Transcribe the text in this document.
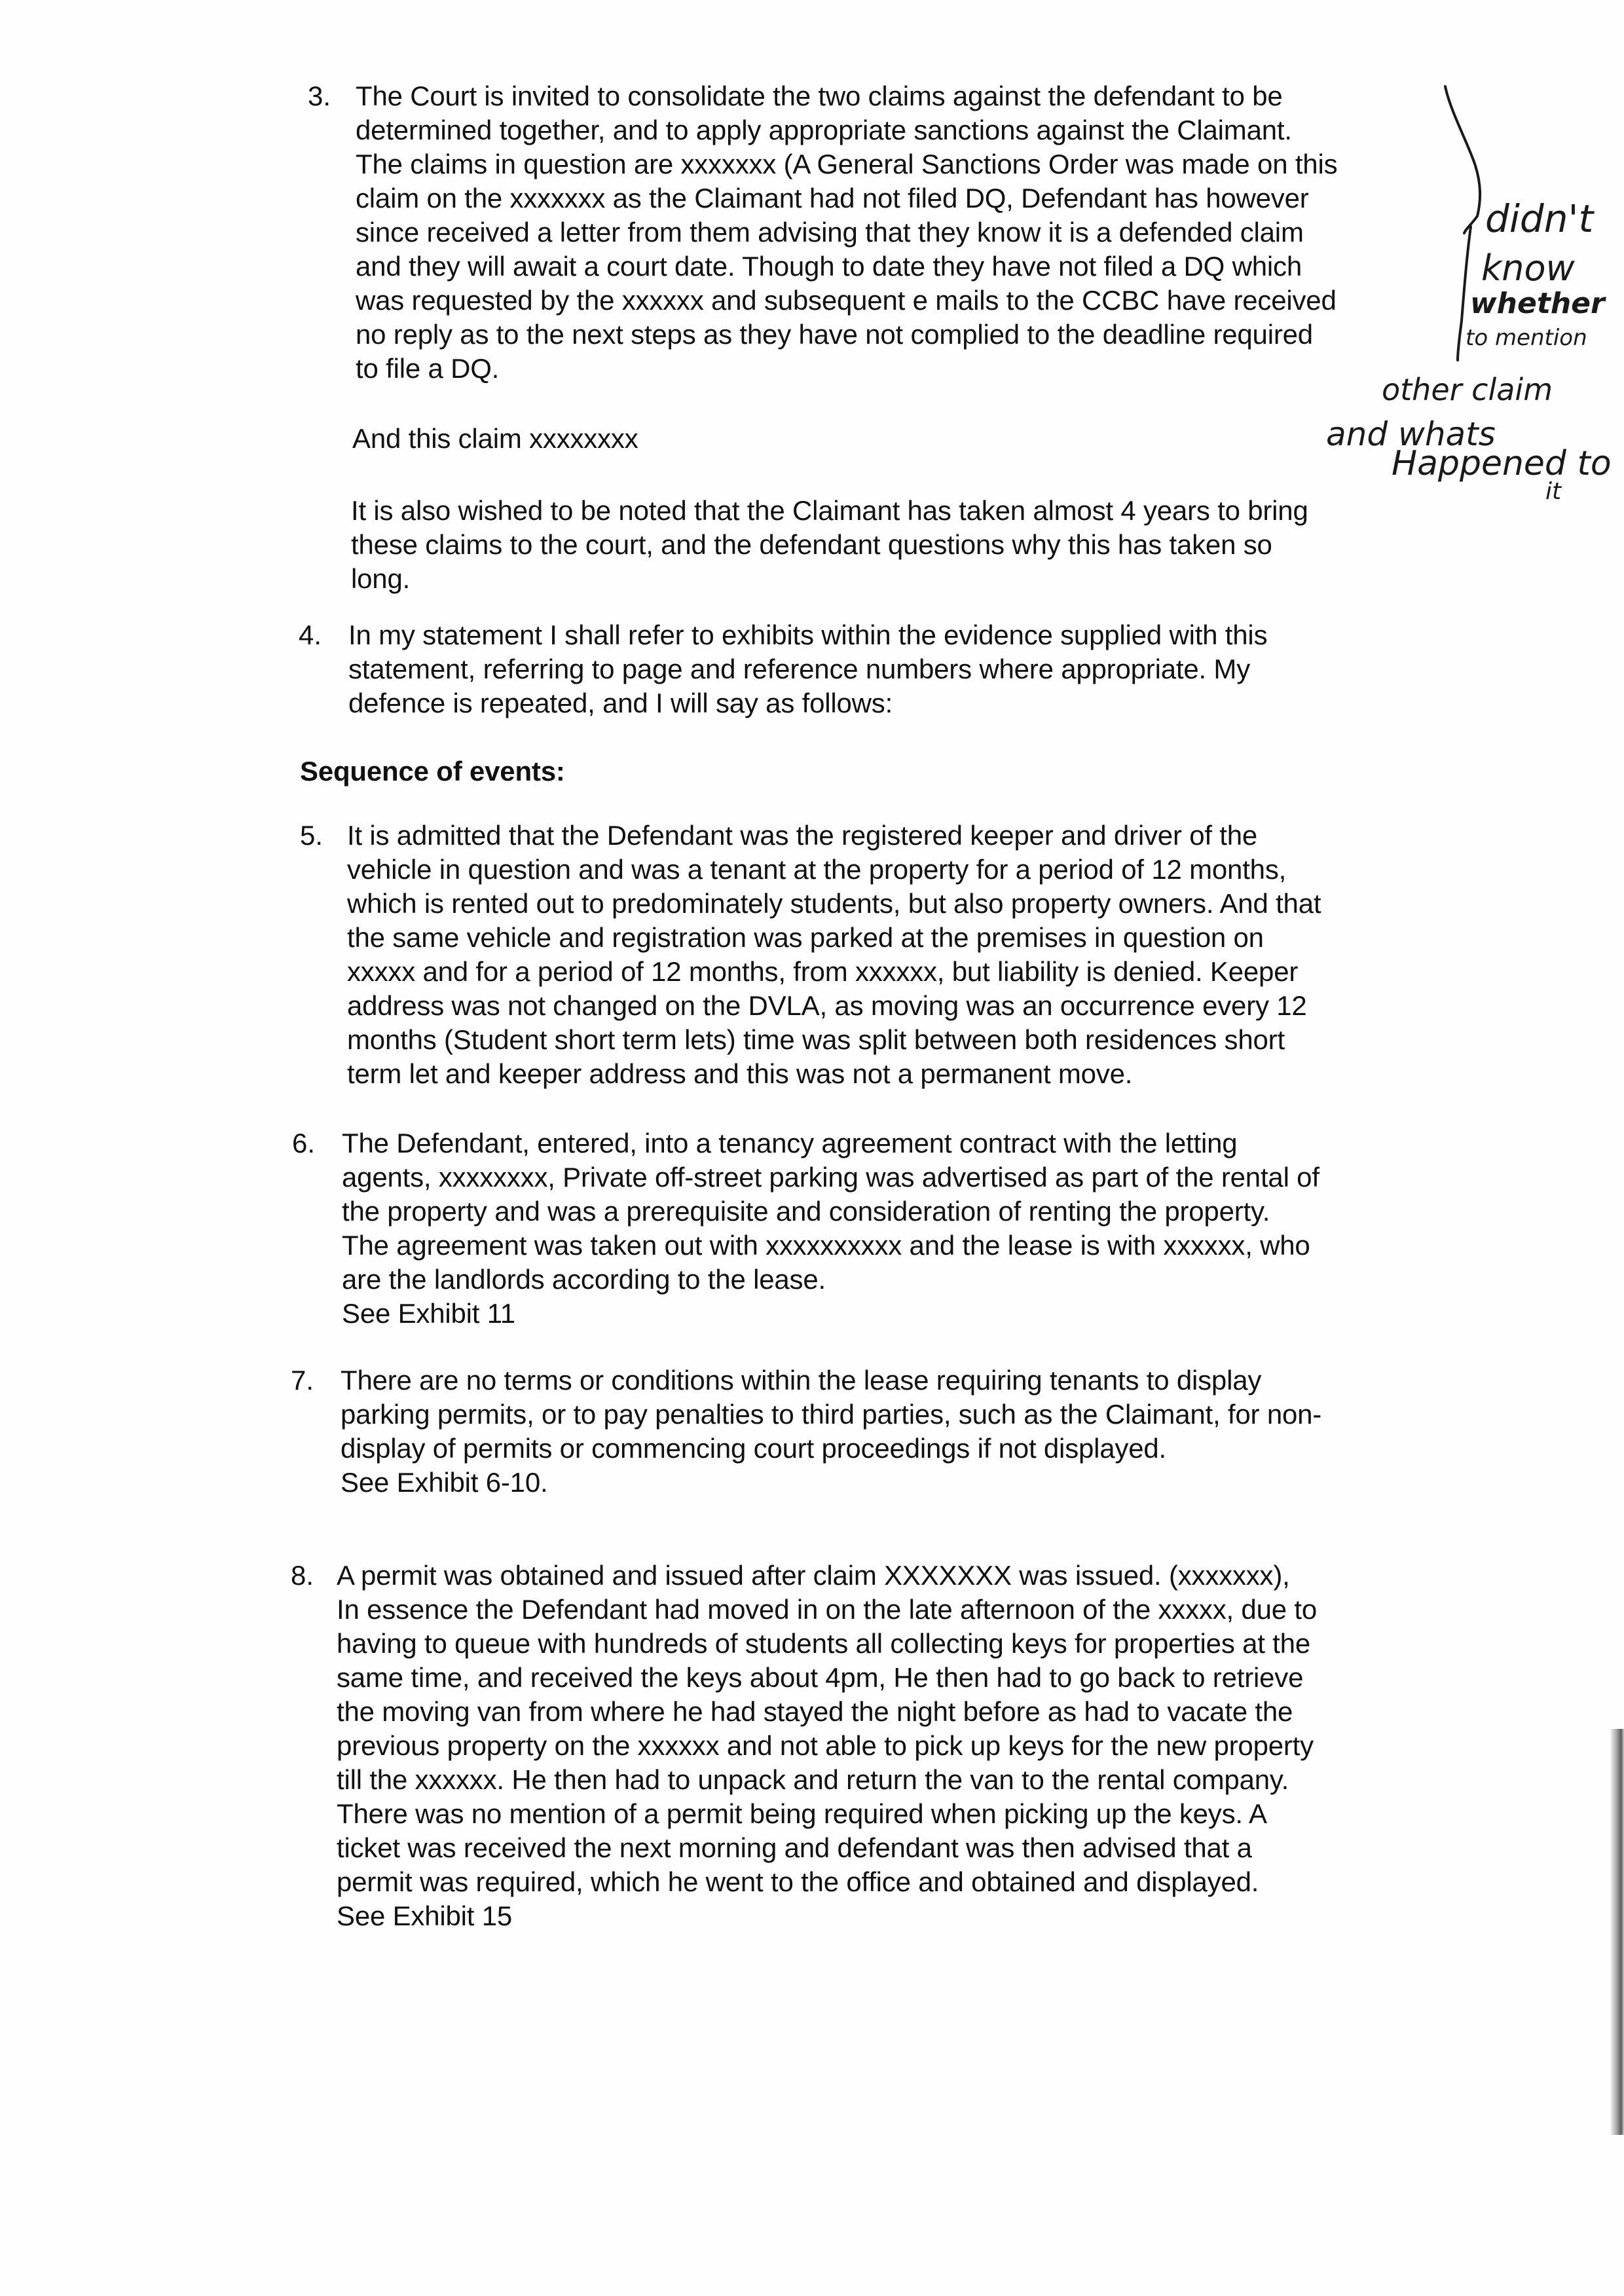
3. The Court is invited to consolidate the two claims against the defendant to be
determined together, and to apply appropriate sanctions against the Claimant.
The claims in question are xxxxxxx (A General Sanctions Order was made on this
claim on the xxxxxxx as the Claimant had not filed DQ, Defendant has however
since received a letter from them advising that they know it is a defended claim
and they will await a court date. Though to date they have not filed a DQ which
was requested by the xxxxxx and subsequent e mails to the CCBC have received
no reply as to the next steps as they have not complied to the deadline required
to file a DQ.
And this claim xxxxxxxx
It is also wished to be noted that the Claimant has taken almost 4 years to bring
these claims to the court, and the defendant questions why this has taken so
long.
4. In my statement I shall refer to exhibits within the evidence supplied with this
statement, referring to page and reference numbers where appropriate. My
defence is repeated, and I will say as follows:
Sequence of events:
5. It is admitted that the Defendant was the registered keeper and driver of the
vehicle in question and was a tenant at the property for a period of 12 months,
which is rented out to predominately students, but also property owners. And that
the same vehicle and registration was parked at the premises in question on
xxxxx and for a period of 12 months, from xxxxxx, but liability is denied. Keeper
address was not changed on the DVLA, as moving was an occurrence every 12
months (Student short term lets) time was split between both residences short
term let and keeper address and this was not a permanent move.
6. The Defendant, entered, into a tenancy agreement contract with the letting
agents, xxxxxxxx, Private off-street parking was advertised as part of the rental of
the property and was a prerequisite and consideration of renting the property.
The agreement was taken out with xxxxxxxxxx and the lease is with xxxxxx, who
are the landlords according to the lease.
See Exhibit 11
7. There are no terms or conditions within the lease requiring tenants to display
parking permits, or to pay penalties to third parties, such as the Claimant, for non-
display of permits or commencing court proceedings if not displayed.
See Exhibit 6-10.
8. A permit was obtained and issued after claim XXXXXXX was issued. (xxxxxxx),
In essence the Defendant had moved in on the late afternoon of the xxxxx, due to
having to queue with hundreds of students all collecting keys for properties at the
same time, and received the keys about 4pm, He then had to go back to retrieve
the moving van from where he had stayed the night before as had to vacate the
previous property on the xxxxxx and not able to pick up keys for the new property
till the xxxxxx. He then had to unpack and return the van to the rental company.
There was no mention of a permit being required when picking up the keys. A
ticket was received the next morning and defendant was then advised that a
permit was required, which he went to the office and obtained and displayed.
See Exhibit 15
didn't
know
whether
to mention
other claim
and whats
Happened to
it
